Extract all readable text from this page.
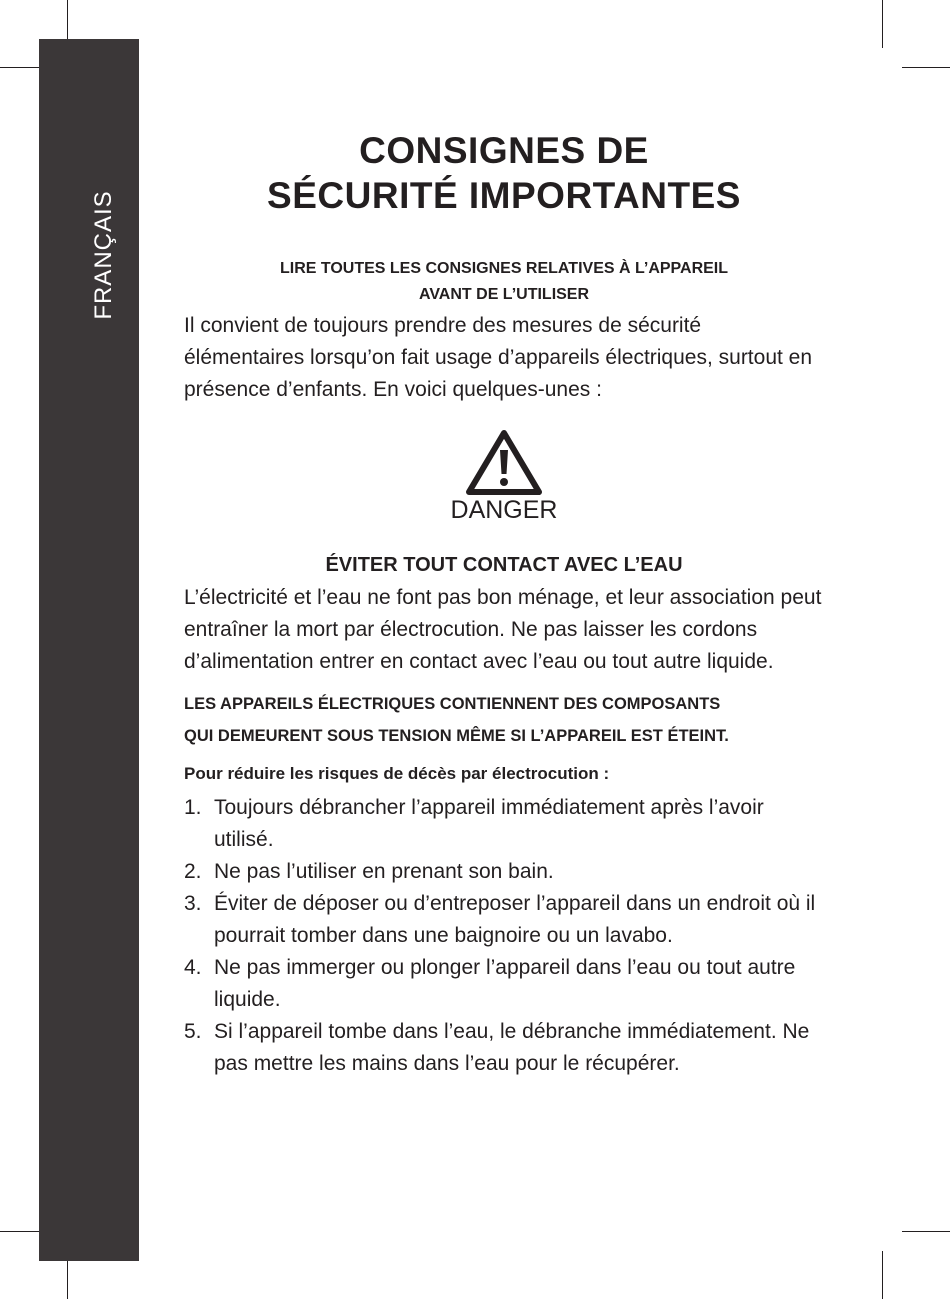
FRANÇAIS
CONSIGNES DE
SÉCURITÉ IMPORTANTES
LIRE TOUTES LES CONSIGNES RELATIVES À L’APPAREIL
AVANT DE L’UTILISER

Il convient de toujours prendre des mesures de sécurité élémentaires lorsqu’on fait usage d’appareils électriques, surtout en présence d’enfants. En voici quelques-unes :

DANGER
ÉVITER TOUT CONTACT AVEC L’EAU

L’électricité et l’eau ne font pas bon ménage, et leur association peut entraîner la mort par électrocution. Ne pas laisser les cordons d’alimentation entrer en contact avec l’eau ou tout autre liquide.

LES APPAREILS ÉLECTRIQUES CONTIENNENT DES COMPOSANTS
QUI DEMEURENT SOUS TENSION MÊME SI L’APPAREIL EST ÉTEINT.
Pour réduire les risques de décès par électrocution :
1. Toujours débrancher l’appareil immédiatement après l’avoir utilisé.
2. Ne pas l’utiliser en prenant son bain.
3. Éviter de déposer ou d’entreposer l’appareil dans un endroit où il pourrait tomber dans une baignoire ou un lavabo.
4. Ne pas immerger ou plonger l’appareil dans l’eau ou tout autre liquide.
5. Si l’appareil tombe dans l’eau, le débranche immédiatement. Ne pas mettre les mains dans l’eau pour le récupérer.
